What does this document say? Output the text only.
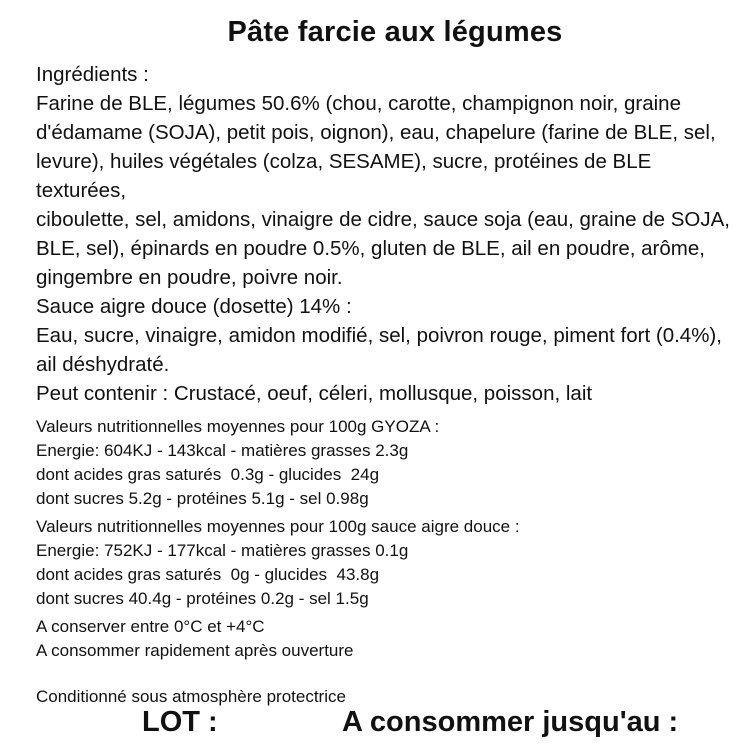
Pâte farcie aux légumes
Ingrédients :
Farine de BLE, légumes 50.6% (chou, carotte, champignon noir, graine
d'édamame (SOJA), petit pois, oignon), eau, chapelure (farine de BLE, sel,
levure), huiles végétales (colza, SESAME), sucre, protéines de BLE
texturées,
ciboulette, sel, amidons, vinaigre de cidre, sauce soja (eau, graine de SOJA,
BLE, sel), épinards en poudre 0.5%, gluten de BLE, ail en poudre, arôme,
gingembre en poudre, poivre noir.
Sauce aigre douce (dosette) 14% :
Eau, sucre, vinaigre, amidon modifié, sel, poivron rouge, piment fort (0.4%),
ail déshydraté.
Peut contenir : Crustacé, oeuf, céleri, mollusque, poisson, lait
Valeurs nutritionnelles moyennes pour 100g GYOZA :
Energie: 604KJ - 143kcal - matières grasses 2.3g
dont acides gras saturés  0.3g - glucides  24g
dont sucres 5.2g - protéines 5.1g - sel 0.98g
Valeurs nutritionnelles moyennes pour 100g sauce aigre douce :
Energie: 752KJ - 177kcal - matières grasses 0.1g
dont acides gras saturés  0g - glucides  43.8g
dont sucres 40.4g - protéines 0.2g - sel 1.5g
A conserver entre 0°C et +4°C
A consommer rapidement après ouverture
Conditionné sous atmosphère protectrice
LOT :	A consommer jusqu'au :
